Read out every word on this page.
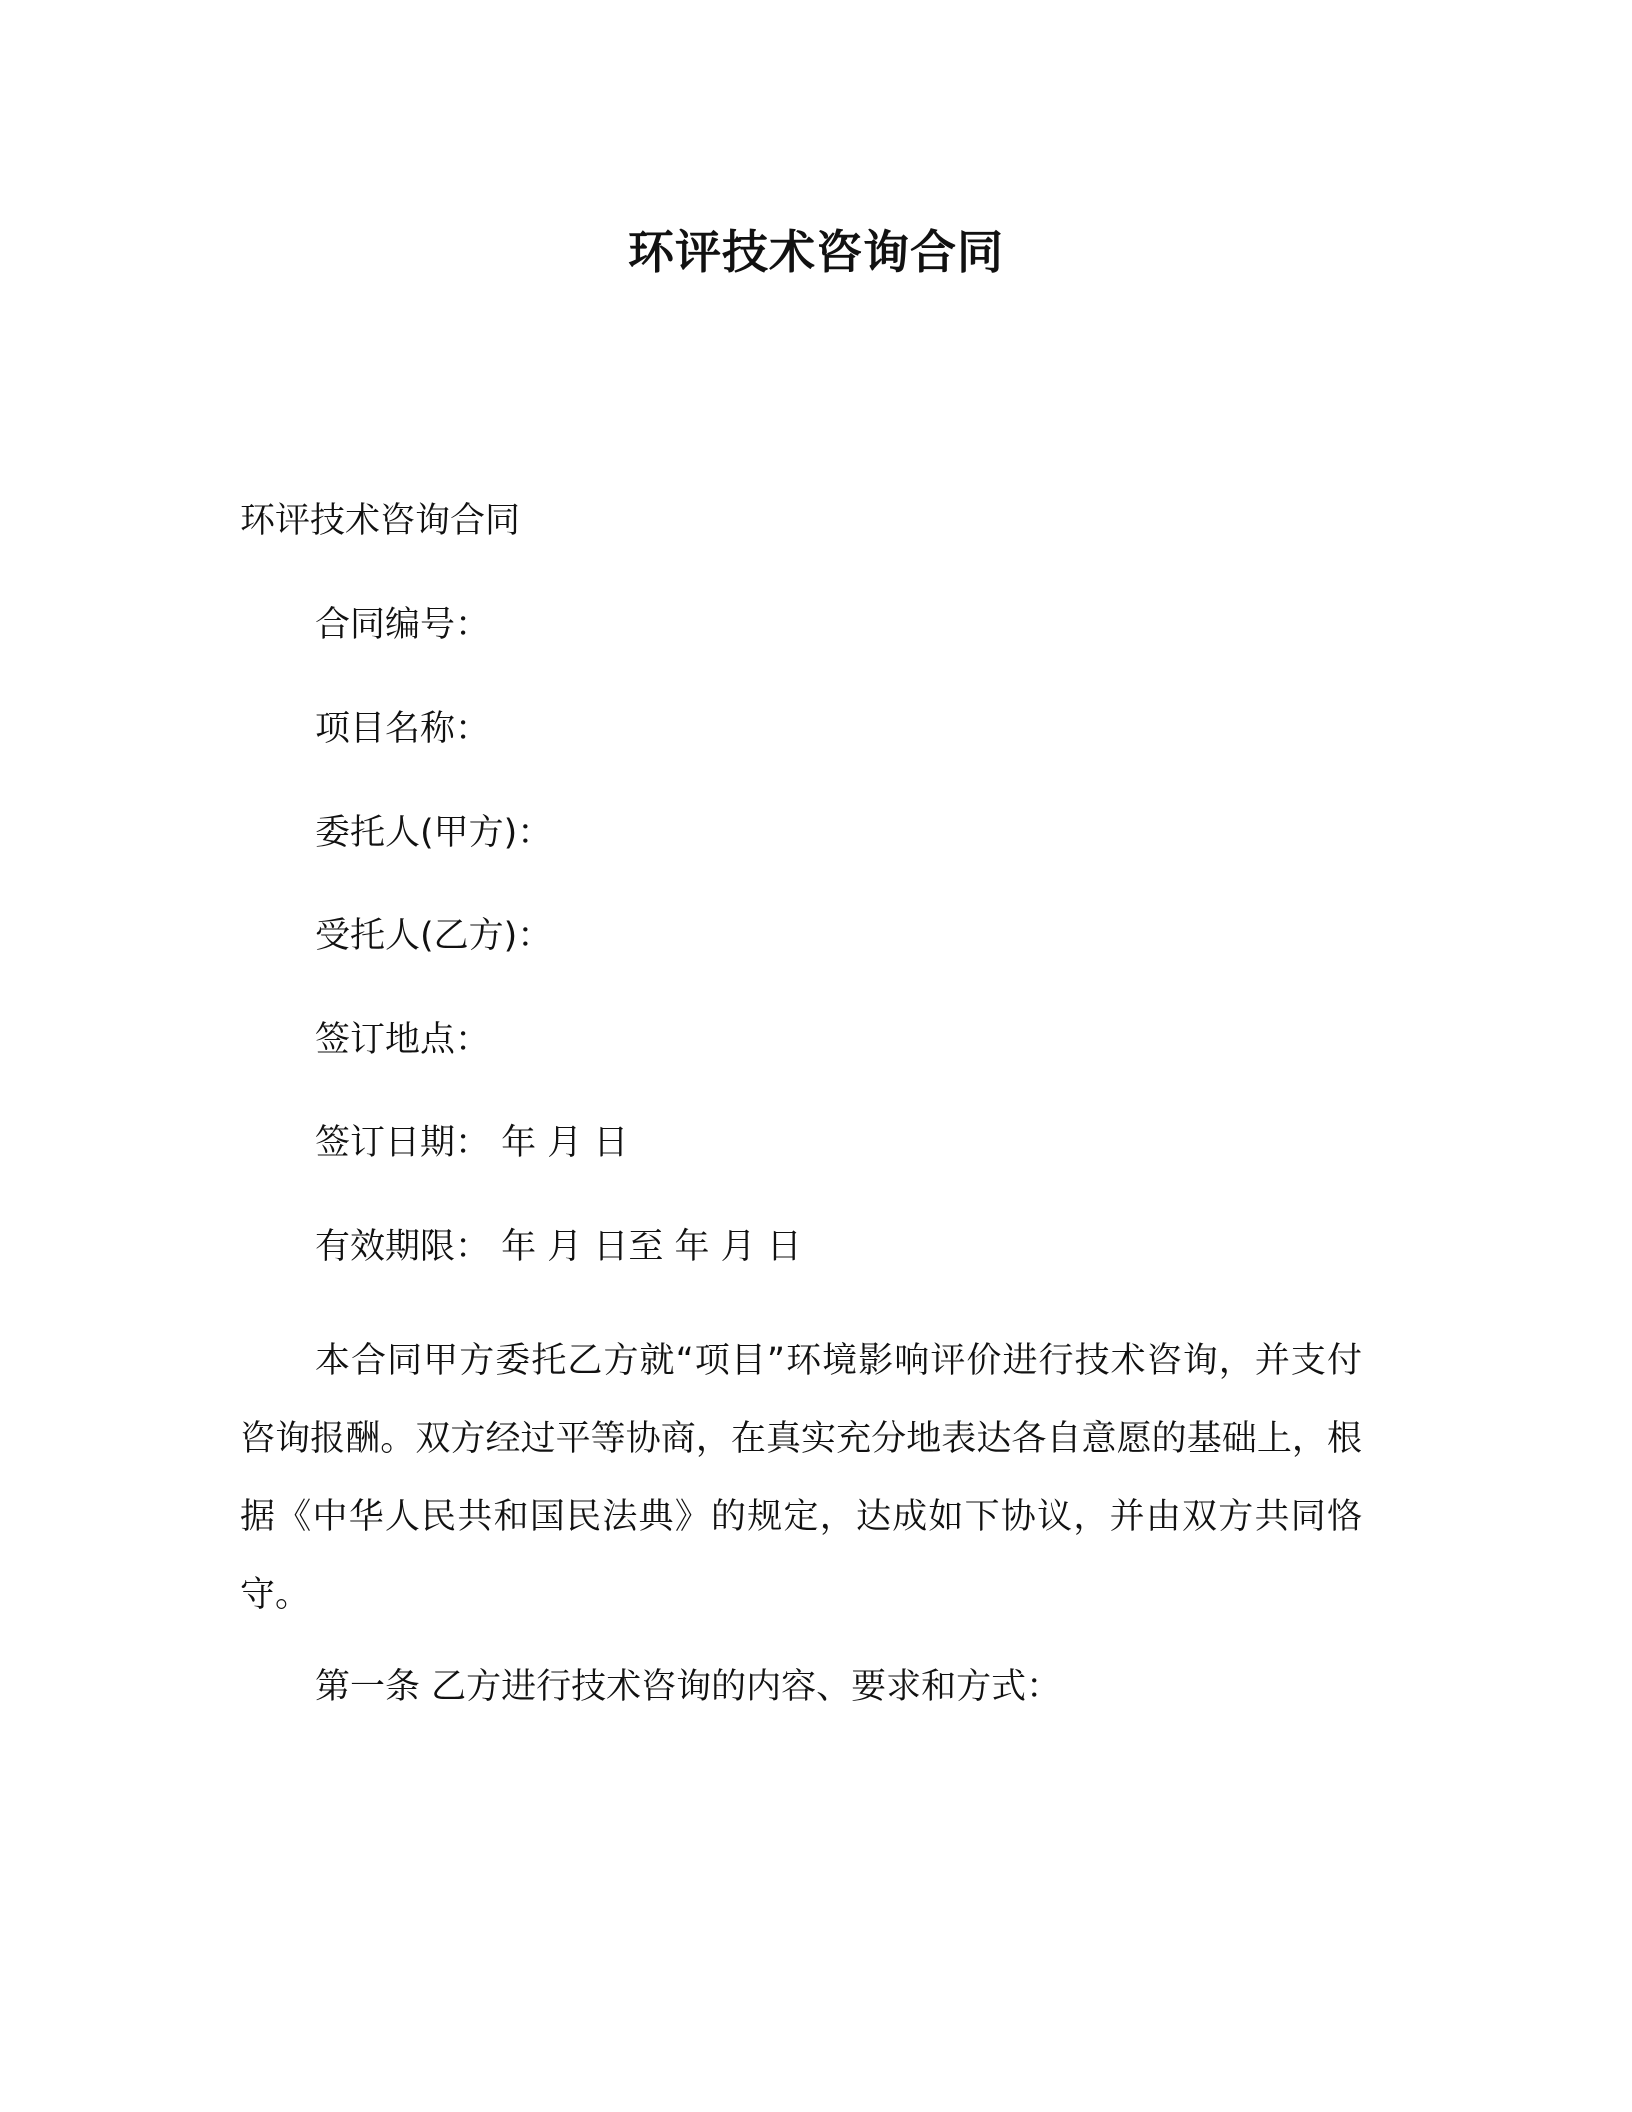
环评技术咨询合同

环评技术咨询合同

合同编号：

项目名称：

委托人(甲方)：

受托人(乙方)：

签订地点：

签订日期： 年 月 日

有效期限： 年 月 日至 年 月 日

本合同甲方委托乙方就“项目”环境影响评价进行技术咨询，并支付咨询报酬。双方经过平等协商，在真实充分地表达各自意愿的基础上，根据《中华人民共和国民法典》的规定，达成如下协议，并由双方共同恪守。

第一条 乙方进行技术咨询的内容、要求和方式：
